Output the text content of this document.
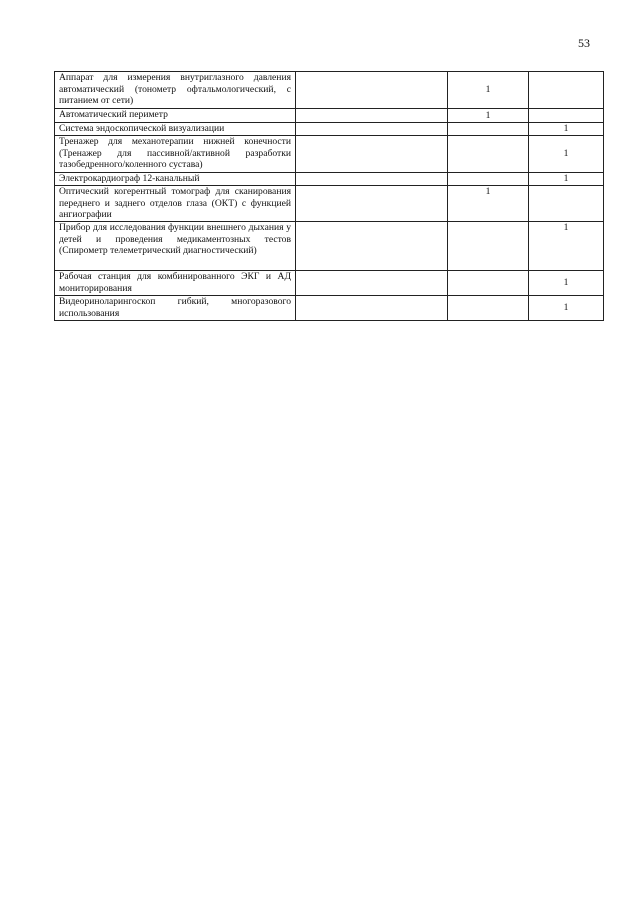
53
Аппарат для измерения внутриглазного давления автоматический (тонометр офтальмологический, с питанием от сети)		1	
Автоматический периметр		1	
Система эндоскопической визуализации			1
Тренажер для механотерапии нижней конечности (Тренажер для пассивной/активной разработки тазобедренного/коленного сустава)			1
Электрокардиограф 12-канальный			1
Оптический когерентный томограф для сканирования переднего и заднего отделов глаза (ОКТ) с функцией ангиографии		1	
Прибор для исследования функции внешнего дыхания у детей и проведения медикаментозных тестов (Спирометр телеметрический диагностический)			1
Рабочая станция для комбинированного ЭКГ и АД мониторирования			1
Видеориноларингоскоп гибкий, многоразового использования			1
